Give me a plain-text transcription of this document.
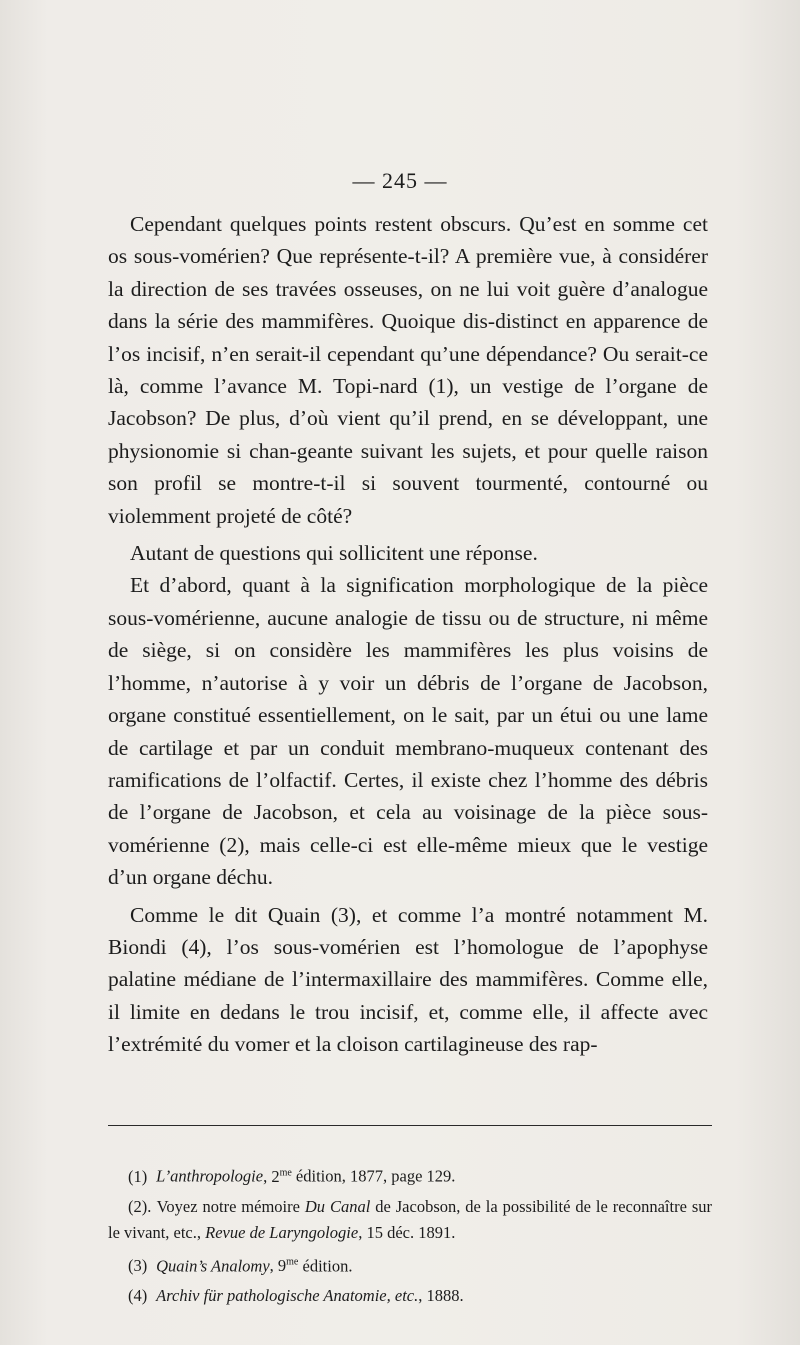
— 245 —

Cependant quelques points restent obscurs. Qu’est en somme cet os sous-vomérien? Que représente-t-il? A première vue, à considérer la direction de ses travées osseuses, on ne lui voit guère d’analogue dans la série des mammifères. Quoique dis-distinct en apparence de l’os incisif, n’en serait-il cependant qu’une dépendance? Ou serait-ce là, comme l’avance M. Topi-nard (1), un vestige de l’organe de Jacobson? De plus, d’où vient qu’il prend, en se développant, une physionomie si chan-geante suivant les sujets, et pour quelle raison son profil se montre-t-il si souvent tourmenté, contourné ou violemment projeté de côté?

Autant de questions qui sollicitent une réponse.

Et d’abord, quant à la signification morphologique de la pièce sous-vomérienne, aucune analogie de tissu ou de structure, ni même de siège, si on considère les mammifères les plus voisins de l’homme, n’autorise à y voir un débris de l’organe de Jacobson, organe constitué essentiellement, on le sait, par un étui ou une lame de cartilage et par un conduit membrano-muqueux contenant des ramifications de l’olfactif. Certes, il existe chez l’homme des débris de l’organe de Jacobson, et cela au voisinage de la pièce sous-vomérienne (2), mais celle-ci est elle-même mieux que le vestige d’un organe déchu.

Comme le dit Quain (3), et comme l’a montré notamment M. Biondi (4), l’os sous-vomérien est l’homologue de l’apophyse palatine médiane de l’intermaxillaire des mammifères. Comme elle, il limite en dedans le trou incisif, et, comme elle, il affecte avec l’extrémité du vomer et la cloison cartilagineuse des rap-

(1) L’anthropologie, $2^{me}$ édition, 1877, page 129.

(2). Voyez notre mémoire Du Canal de Jacobson, de la possibilité de le reconnaître sur le vivant, etc., Revue de Laryngologie, 15 déc. 1891.

(3) Quain’s Analomy, $9^{me}$ édition.

(4) Archiv für pathologische Anatomie, etc., 1888.
